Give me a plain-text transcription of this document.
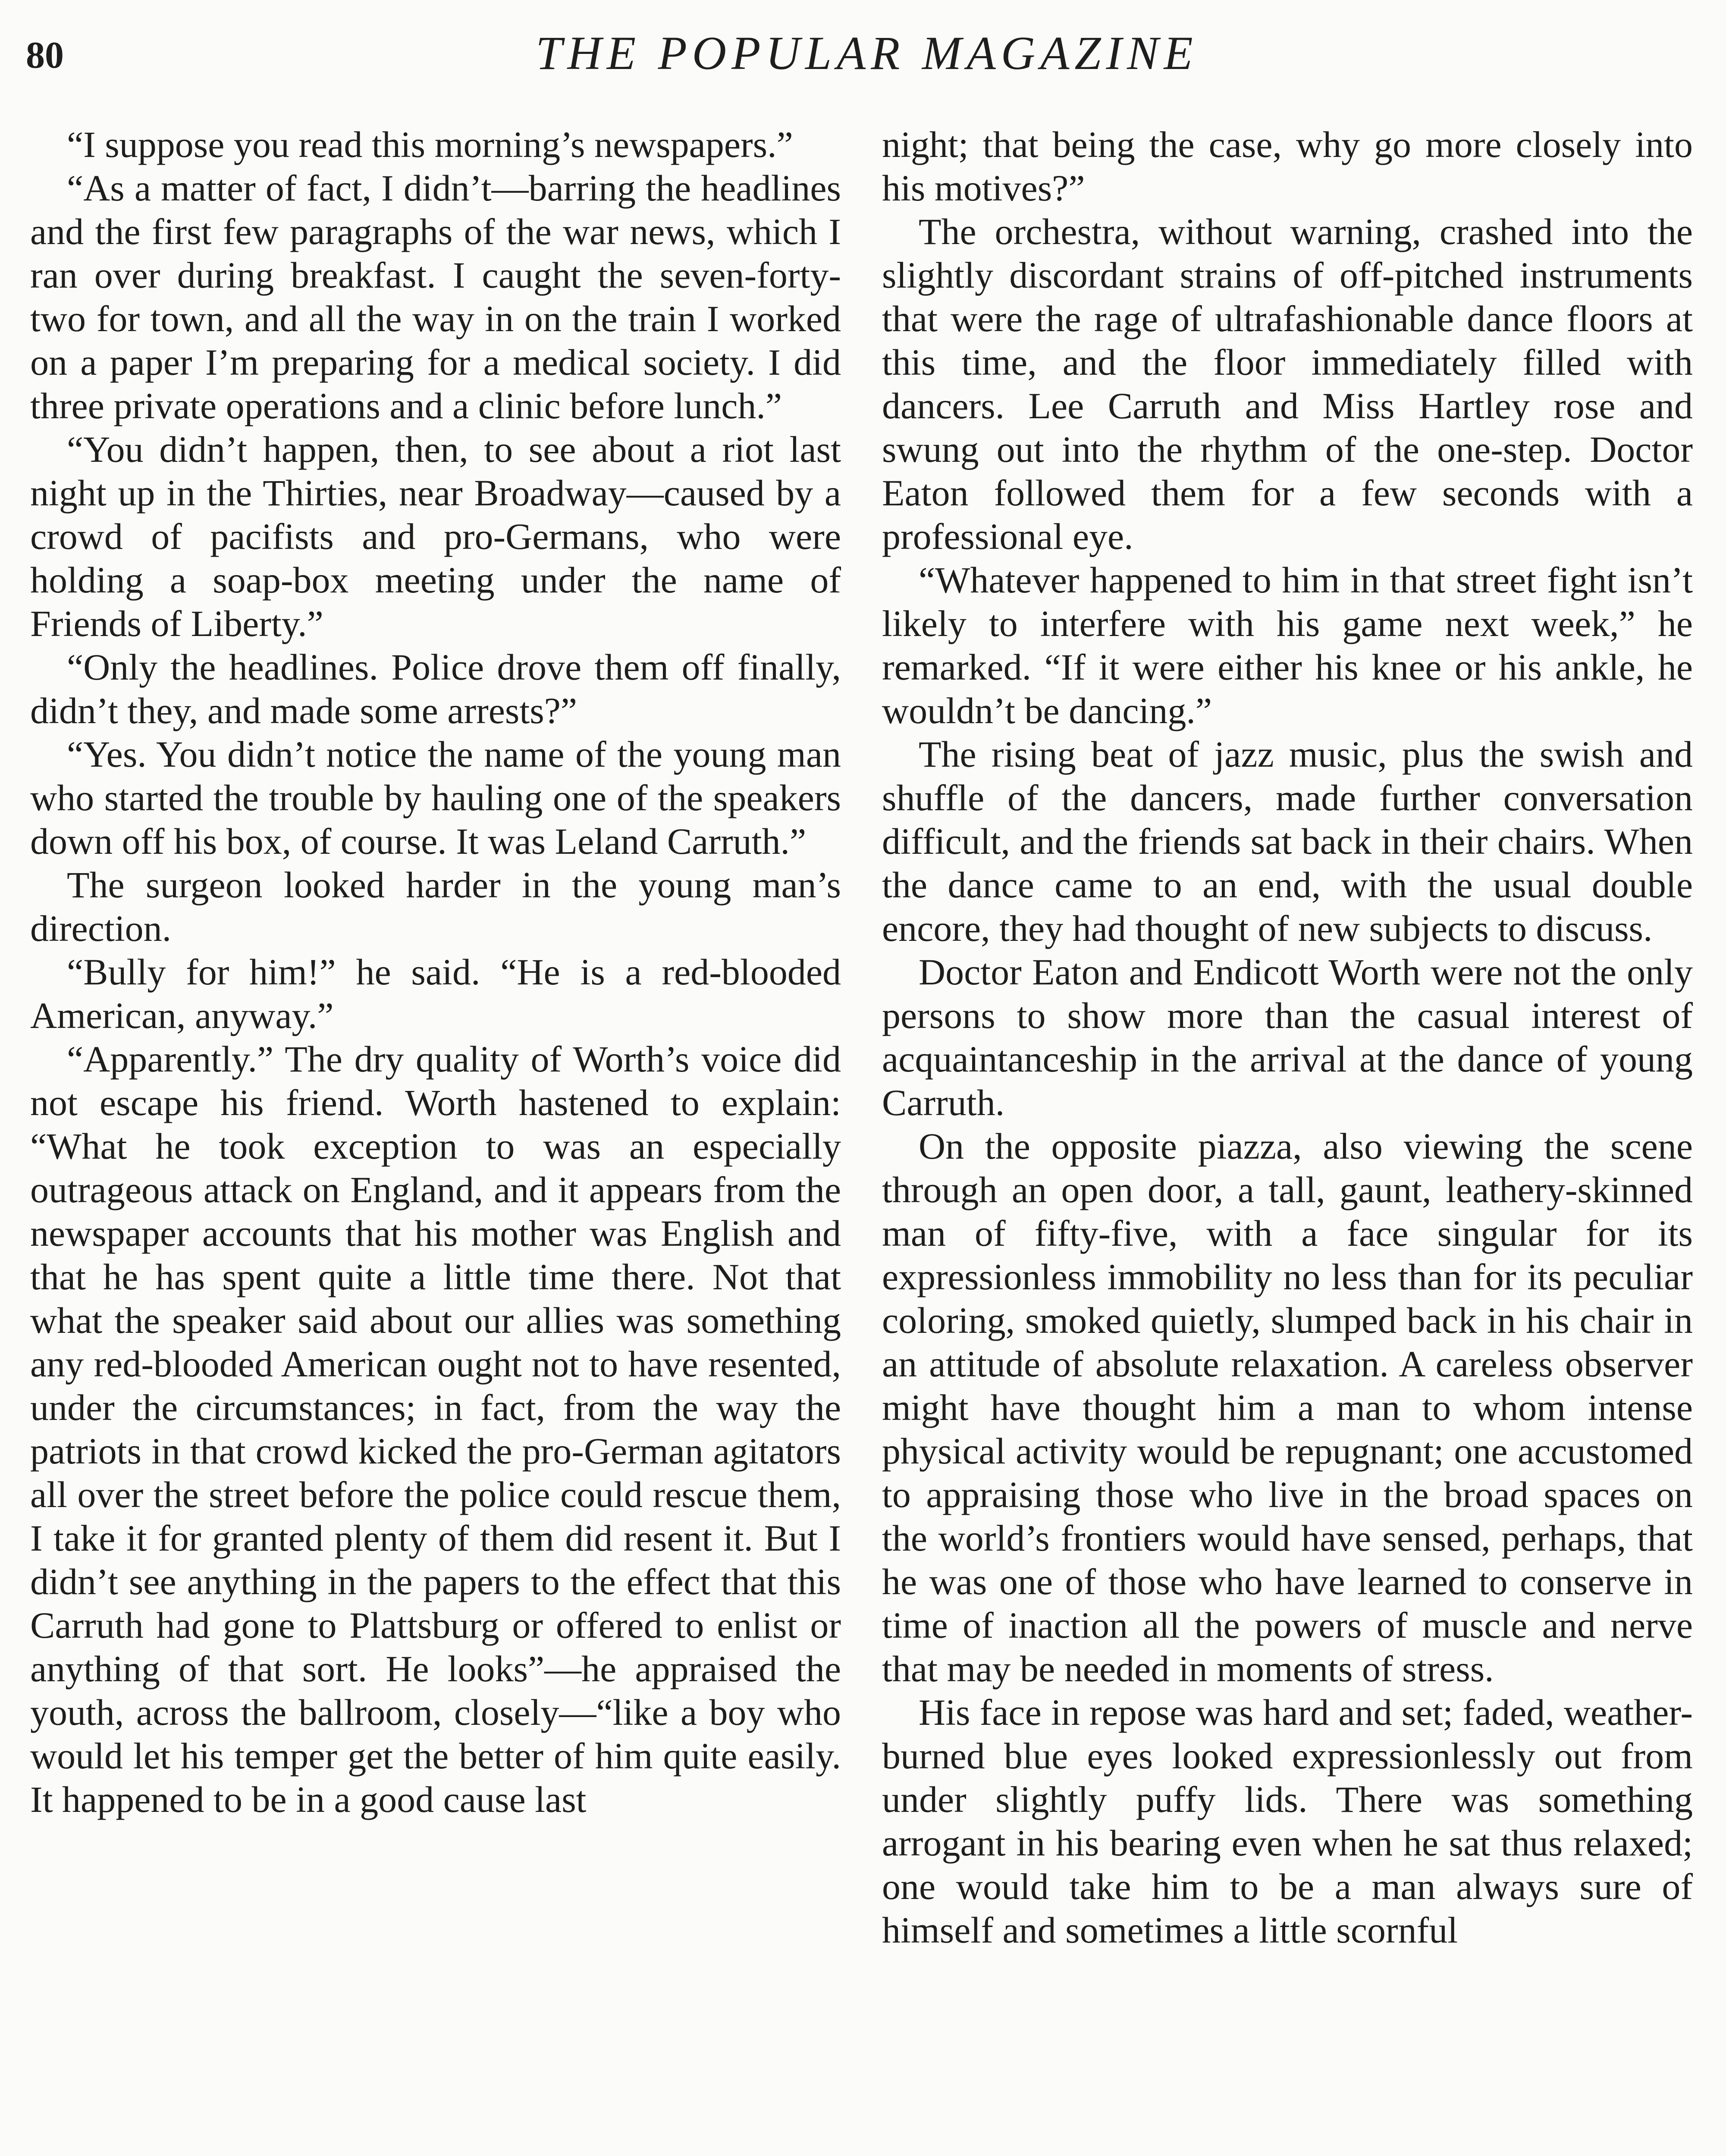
80	THE POPULAR MAGAZINE

“I suppose you read this morning’s newspapers.”

“As a matter of fact, I didn’t—barring the headlines and the first few paragraphs of the war news, which I ran over during breakfast. I caught the seven-forty-two for town, and all the way in on the train I worked on a paper I’m preparing for a medical society. I did three private operations and a clinic before lunch.”

“You didn’t happen, then, to see about a riot last night up in the Thirties, near Broadway—caused by a crowd of pacifists and pro-Germans, who were holding a soap-box meeting under the name of Friends of Liberty.”

“Only the headlines. Police drove them off finally, didn’t they, and made some arrests?”

“Yes. You didn’t notice the name of the young man who started the trouble by hauling one of the speakers down off his box, of course. It was Leland Carruth.”

The surgeon looked harder in the young man’s direction.

“Bully for him!” he said. “He is a red-blooded American, anyway.”

“Apparently.” The dry quality of Worth’s voice did not escape his friend. Worth hastened to explain: “What he took exception to was an especially outrageous attack on England, and it appears from the newspaper accounts that his mother was English and that he has spent quite a little time there. Not that what the speaker said about our allies was something any red-blooded American ought not to have resented, under the circumstances; in fact, from the way the patriots in that crowd kicked the pro-German agitators all over the street before the police could rescue them, I take it for granted plenty of them did resent it. But I didn’t see anything in the papers to the effect that this Carruth had gone to Plattsburg or offered to enlist or anything of that sort. He looks”—he appraised the youth, across the ballroom, closely—“like a boy who would let his temper get the better of him quite easily. It happened to be in a good cause last

night; that being the case, why go more closely into his motives?”

The orchestra, without warning, crashed into the slightly discordant strains of off-pitched instruments that were the rage of ultrafashionable dance floors at this time, and the floor immediately filled with dancers. Lee Carruth and Miss Hartley rose and swung out into the rhythm of the one-step. Doctor Eaton followed them for a few seconds with a professional eye.

“Whatever happened to him in that street fight isn’t likely to interfere with his game next week,” he remarked. “If it were either his knee or his ankle, he wouldn’t be dancing.”

The rising beat of jazz music, plus the swish and shuffle of the dancers, made further conversation difficult, and the friends sat back in their chairs. When the dance came to an end, with the usual double encore, they had thought of new subjects to discuss.

Doctor Eaton and Endicott Worth were not the only persons to show more than the casual interest of acquaintanceship in the arrival at the dance of young Carruth.

On the opposite piazza, also viewing the scene through an open door, a tall, gaunt, leathery-skinned man of fifty-five, with a face singular for its expressionless immobility no less than for its peculiar coloring, smoked quietly, slumped back in his chair in an attitude of absolute relaxation. A careless observer might have thought him a man to whom intense physical activity would be repugnant; one accustomed to appraising those who live in the broad spaces on the world’s frontiers would have sensed, perhaps, that he was one of those who have learned to conserve in time of inaction all the powers of muscle and nerve that may be needed in moments of stress.

His face in repose was hard and set; faded, weather-burned blue eyes looked expressionlessly out from under slightly puffy lids. There was something arrogant in his bearing even when he sat thus relaxed; one would take him to be a man always sure of himself and sometimes a little scornful
